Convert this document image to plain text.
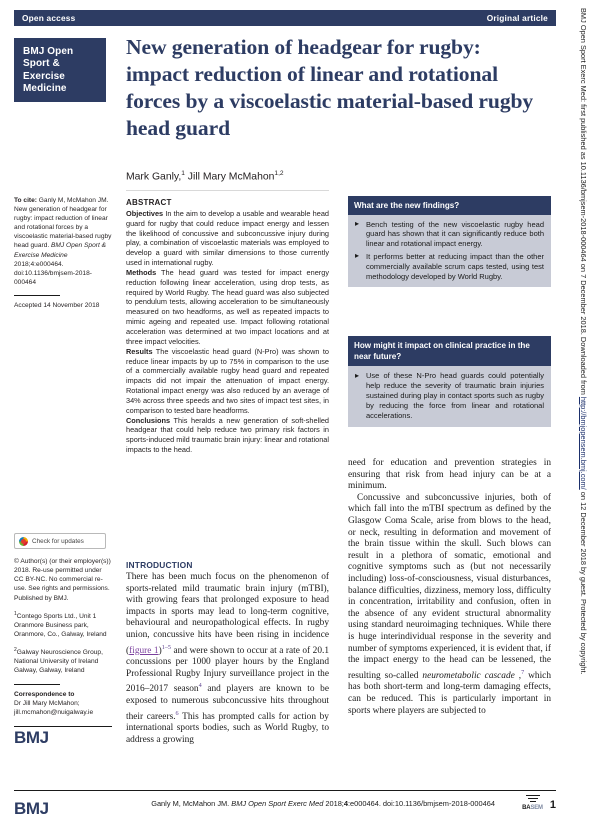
Open access	Original article	BMJ Open Sport Exerc Med: first published as 10.1136/bmjsem-2018-000464 on 7 December 2018. Downloaded from http://bmjopensem.bmj.com/ on 12 December 2018 by guest. Protected by copyright.
BMJ Open
Sport &
Exercise
Medicine
New generation of headgear for rugby: impact reduction of linear and rotational forces by a viscoelastic material-based rugby head guard
Mark Ganly,$^1$ Jill Mary McMahon$^{1,2}$

To cite: Ganly M, McMahon JM. New generation of headgear for rugby: impact reduction of linear and rotational forces by a viscoelastic material-based rugby head guard. BMJ Open Sport & Exercise Medicine 2018;4:e000464. doi:10.1136/bmjsem-2018-000464

Accepted 14 November 2018

Check for updates

© Author(s) (or their employer(s)) 2018. Re-use permitted under CC BY-NC. No commercial re-use. See rights and permissions. Published by BMJ.

$^1$Contego Sports Ltd., Unit 1 Oranmore Business park, Oranmore, Co., Galway, Ireland

$^2$Galway Neuroscience Group, National University of Ireland Galway, Galway, Ireland

Correspondence to
Dr Jill Mary McMahon; jill.mcmahon@nuigalway.ie

BMJ
ABSTRACT

Objectives In the aim to develop a usable and wearable head guard for rugby that could reduce impact energy and lessen the likelihood of concussive and subconcussive injury during play, a combination of viscoelastic materials was employed to develop a guard with similar dimensions to those currently used in international rugby.

Methods The head guard was tested for impact energy reduction following linear acceleration, using drop tests, as required by World Rugby. The head guard was also subjected to pendulum tests, allowing acceleration to be simultaneously measured on two headforms, as well as repeated impacts to mimic ageing and repeated use. Impact following rotational acceleration was determined at two impact locations and at three impact velocities.

Results The viscoelastic head guard (N-Pro) was shown to reduce linear impacts by up to 75% in comparison to the use of a commercially available rugby head guard and repeated impacts did not impair the attenuation of impact energy. Rotational impact energy was also reduced by an average of 34% across three speeds and two sites of impact test sites, in comparison to tested bare headforms.

Conclusions This heralds a new generation of soft-shelled headgear that could help reduce two primary risk factors in sports-induced mild traumatic brain injury: linear and rotational impacts to the head.

What are the new findings?
▸ Bench testing of the new viscoelastic rugby head guard has shown that it can significantly reduce both linear and rotational impact energy.
▸ It performs better at reducing impact than the other commercially available scrum caps tested, using test methodology developed by World Rugby.
How might it impact on clinical practice in the near future?
▸ Use of these N-Pro head guards could potentially help reduce the severity of traumatic brain injuries sustained during play in contact sports such as rugby by reducing the force from linear and rotational accelerations.
INTRODUCTION

There has been much focus on the phenomenon of sports-related mild traumatic brain injury (mTBI), with growing fears that prolonged exposure to head impacts in sports may lead to long-term cognitive, behavioural and neuropathological effects. In rugby union, concussive hits have been rising in incidence (figure 1)$^{1-5}$ and were shown to occur at a rate of 20.1 concussions per 1000 player hours by the England Professional Rugby Injury surveillance project in the 2016–2017 season$^4$ and players are known to be exposed to numerous subconcussive hits throughout their careers.$^6$ This has prompted calls for action by international sports bodies, such as World Rugby, to address a growing

need for education and prevention strategies in ensuring that risk from head injury can be at a minimum.

Concussive and subconcussive injuries, both of which fall into the mTBI spectrum as defined by the Glasgow Coma Scale, arise from blows to the head, or neck, resulting in deformation and movement of the brain tissue within the skull. Such blows can result in a plethora of somatic, emotional and cognitive symptoms such as (but not necessarily including) loss-of-consciousness, visual disturbances, balance difficulties, dizziness, memory loss, difficulty in concentration, irritability and confusion, often in the absence of any evident structural abnormality using standard neuroimaging techniques. While there is huge interindividual response in the severity and number of symptoms experienced, it is evident that, if the impact energy to the head can be lessened, the resulting so-called neurometabolic cascade ,$^7$ which has both short-term and long-term damaging effects, can be reduced. This is particularly important in sports where players are subjected to

BMJ	Ganly M, McMahon JM. BMJ Open Sport Exerc Med 2018;4:e000464. doi:10.1136/bmjsem-2018-000464
BASEM 1
